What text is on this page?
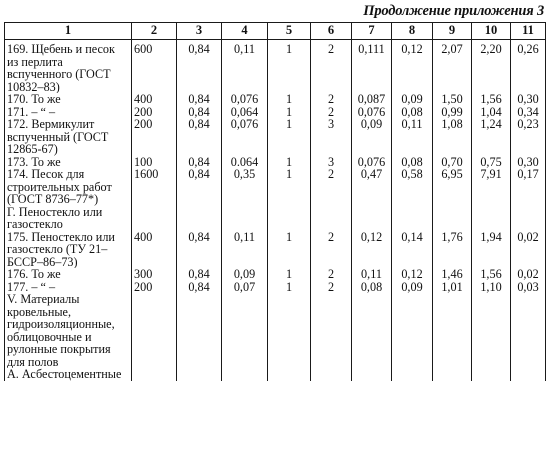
Продолжение приложения 3
1	2	3	4	5	6	7	8	9	10	11
169. Щебень и песок из перлита вспученного (ГОСТ 10832–83)	600	0,84	0,11	1	2	0,111	0,12	2,07	2,20	0,26
170. То же	400	0,84	0,076	1	2	0,087	0,09	1,50	1,56	0,30
171. – “ –	200	0,84	0,064	1	2	0,076	0,08	0,99	1,04	0,34
172. Вермикулит вспученный (ГОСТ 12865-67)	200	0,84	0,076	1	3	0,09	0,11	1,08	1,24	0,23
173. То же	100	0,84	0.064	1	3	0,076	0,08	0,70	0,75	0,30
174. Песок для строительных работ (ГОСТ 8736–77*)	1600	0,84	0,35	1	2	0,47	0,58	6,95	7,91	0,17
Г. Пеностекло или газостекло										
175. Пеностекло или газостекло (ТУ 21–БССР–86–73)	400	0,84	0,11	1	2	0,12	0,14	1,76	1,94	0,02
176. То же	300	0,84	0,09	1	2	0,11	0,12	1,46	1,56	0,02
177. – “ –	200	0,84	0,07	1	2	0,08	0,09	1,01	1,10	0,03
V. Материалы кровельные, гидроизоляционные, облицовочные и рулонные покрытия для полов										
А. Асбестоцементные										
